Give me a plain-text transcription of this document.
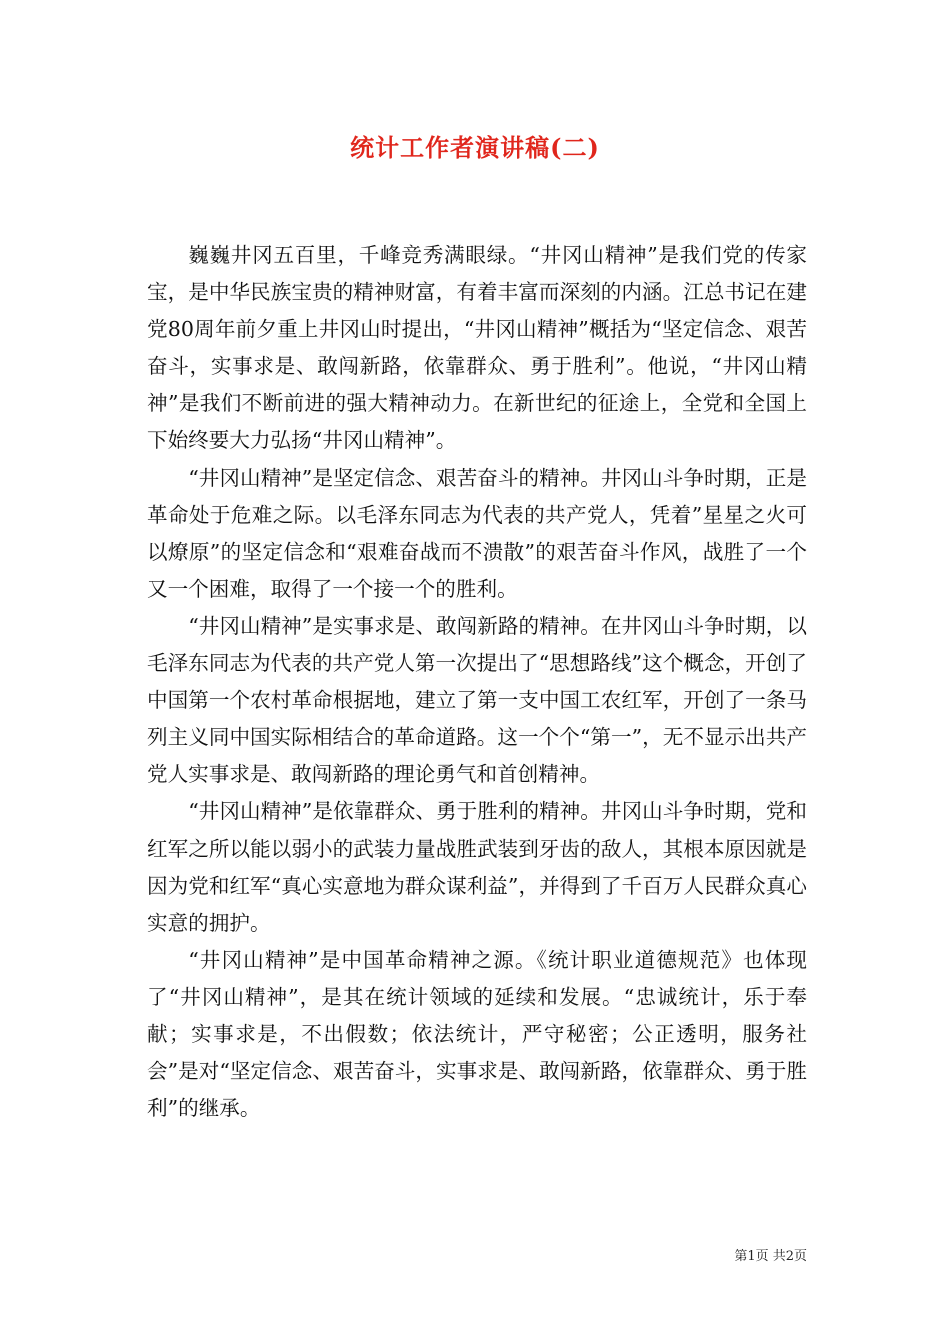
统计工作者演讲稿(二)

巍巍井冈五百里，千峰竞秀满眼绿。“井冈山精神”是我们党的传家宝，是中华民族宝贵的精神财富，有着丰富而深刻的内涵。江总书记在建党80周年前夕重上井冈山时提出，“井冈山精神”概括为“坚定信念、艰苦奋斗，实事求是、敢闯新路，依靠群众、勇于胜利”。他说，“井冈山精神”是我们不断前进的强大精神动力。在新世纪的征途上，全党和全国上下始终要大力弘扬“井冈山精神”。

“井冈山精神”是坚定信念、艰苦奋斗的精神。井冈山斗争时期，正是革命处于危难之际。以毛泽东同志为代表的共产党人，凭着”星星之火可以燎原”的坚定信念和“艰难奋战而不溃散”的艰苦奋斗作风，战胜了一个又一个困难，取得了一个接一个的胜利。

“井冈山精神”是实事求是、敢闯新路的精神。在井冈山斗争时期，以毛泽东同志为代表的共产党人第一次提出了“思想路线”这个概念，开创了中国第一个农村革命根据地，建立了第一支中国工农红军，开创了一条马列主义同中国实际相结合的革命道路。这一个个“第一”，无不显示出共产党人实事求是、敢闯新路的理论勇气和首创精神。

“井冈山精神”是依靠群众、勇于胜利的精神。井冈山斗争时期，党和红军之所以能以弱小的武装力量战胜武装到牙齿的敌人，其根本原因就是因为党和红军“真心实意地为群众谋利益”，并得到了千百万人民群众真心实意的拥护。

“井冈山精神”是中国革命精神之源。《统计职业道德规范》也体现了“井冈山精神”，是其在统计领域的延续和发展。“忠诚统计，乐于奉献；实事求是，不出假数；依法统计，严守秘密；公正透明，服务社会”是对“坚定信念、艰苦奋斗，实事求是、敢闯新路，依靠群众、勇于胜利”的继承。

第1页 共2页
